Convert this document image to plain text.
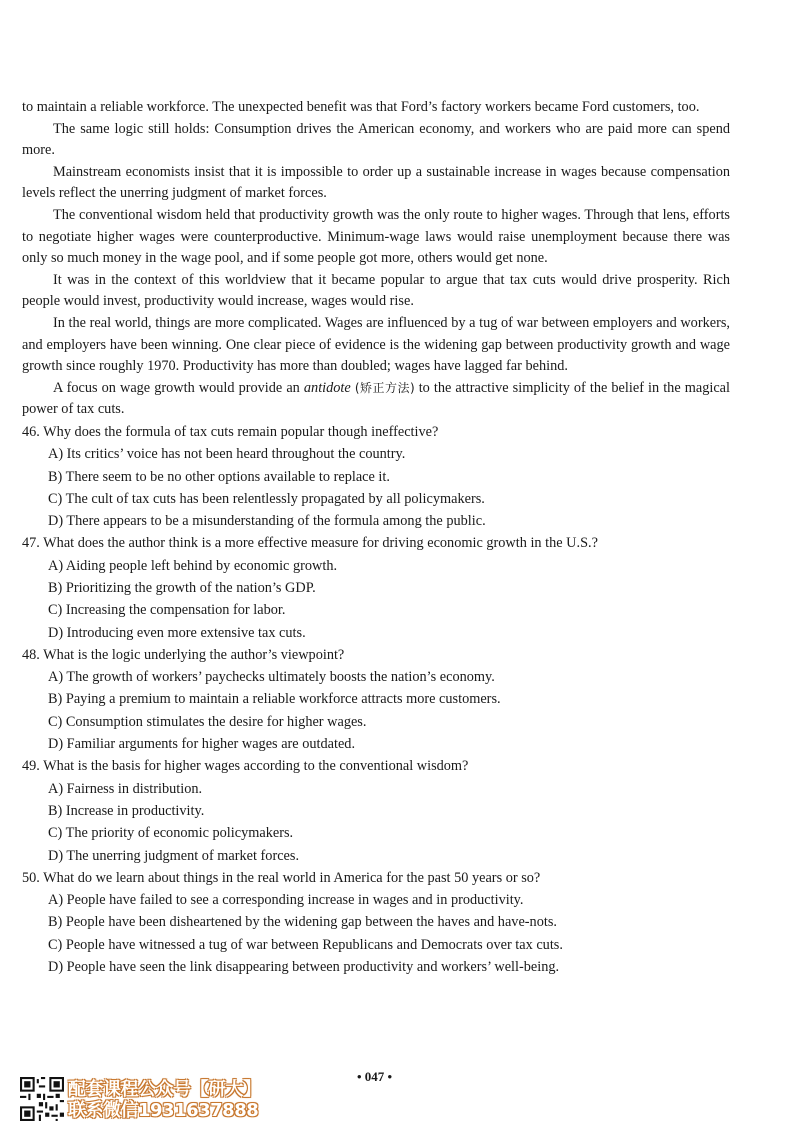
to maintain a reliable workforce. The unexpected benefit was that Ford’s factory workers became Ford customers, too.

The same logic still holds: Consumption drives the American economy, and workers who are paid more can spend more.

Mainstream economists insist that it is impossible to order up a sustainable increase in wages because compensation levels reflect the unerring judgment of market forces.

The conventional wisdom held that productivity growth was the only route to higher wages. Through that lens, efforts to negotiate higher wages were counterproductive. Minimum-wage laws would raise unemployment because there was only so much money in the wage pool, and if some people got more, others would get none.

It was in the context of this worldview that it became popular to argue that tax cuts would drive prosperity. Rich people would invest, productivity would increase, wages would rise.

In the real world, things are more complicated. Wages are influenced by a tug of war between employers and workers, and employers have been winning. One clear piece of evidence is the widening gap between productivity growth and wage growth since roughly 1970. Productivity has more than doubled; wages have lagged far behind.

A focus on wage growth would provide an antidote (矫正方法) to the attractive simplicity of the belief in the magical power of tax cuts.

46. Why does the formula of tax cuts remain popular though ineffective?

A) Its critics’ voice has not been heard throughout the country.

B) There seem to be no other options available to replace it.

C) The cult of tax cuts has been relentlessly propagated by all policymakers.

D) There appears to be a misunderstanding of the formula among the public.

47. What does the author think is a more effective measure for driving economic growth in the U.S.?

A) Aiding people left behind by economic growth.

B) Prioritizing the growth of the nation’s GDP.

C) Increasing the compensation for labor.

D) Introducing even more extensive tax cuts.

48. What is the logic underlying the author’s viewpoint?

A) The growth of workers’ paychecks ultimately boosts the nation’s economy.

B) Paying a premium to maintain a reliable workforce attracts more customers.

C) Consumption stimulates the desire for higher wages.

D) Familiar arguments for higher wages are outdated.

49. What is the basis for higher wages according to the conventional wisdom?

A) Fairness in distribution.

B) Increase in productivity.

C) The priority of economic policymakers.

D) The unerring judgment of market forces.

50. What do we learn about things in the real world in America for the past 50 years or so?

A) People have failed to see a corresponding increase in wages and in productivity.

B) People have been disheartened by the widening gap between the haves and have-nots.

C) People have witnessed a tug of war between Republicans and Democrats over tax cuts.

D) People have seen the link disappearing between productivity and workers’ well-being.

• 047 •
配套课程公众号【研大】
联系微信1931637888
